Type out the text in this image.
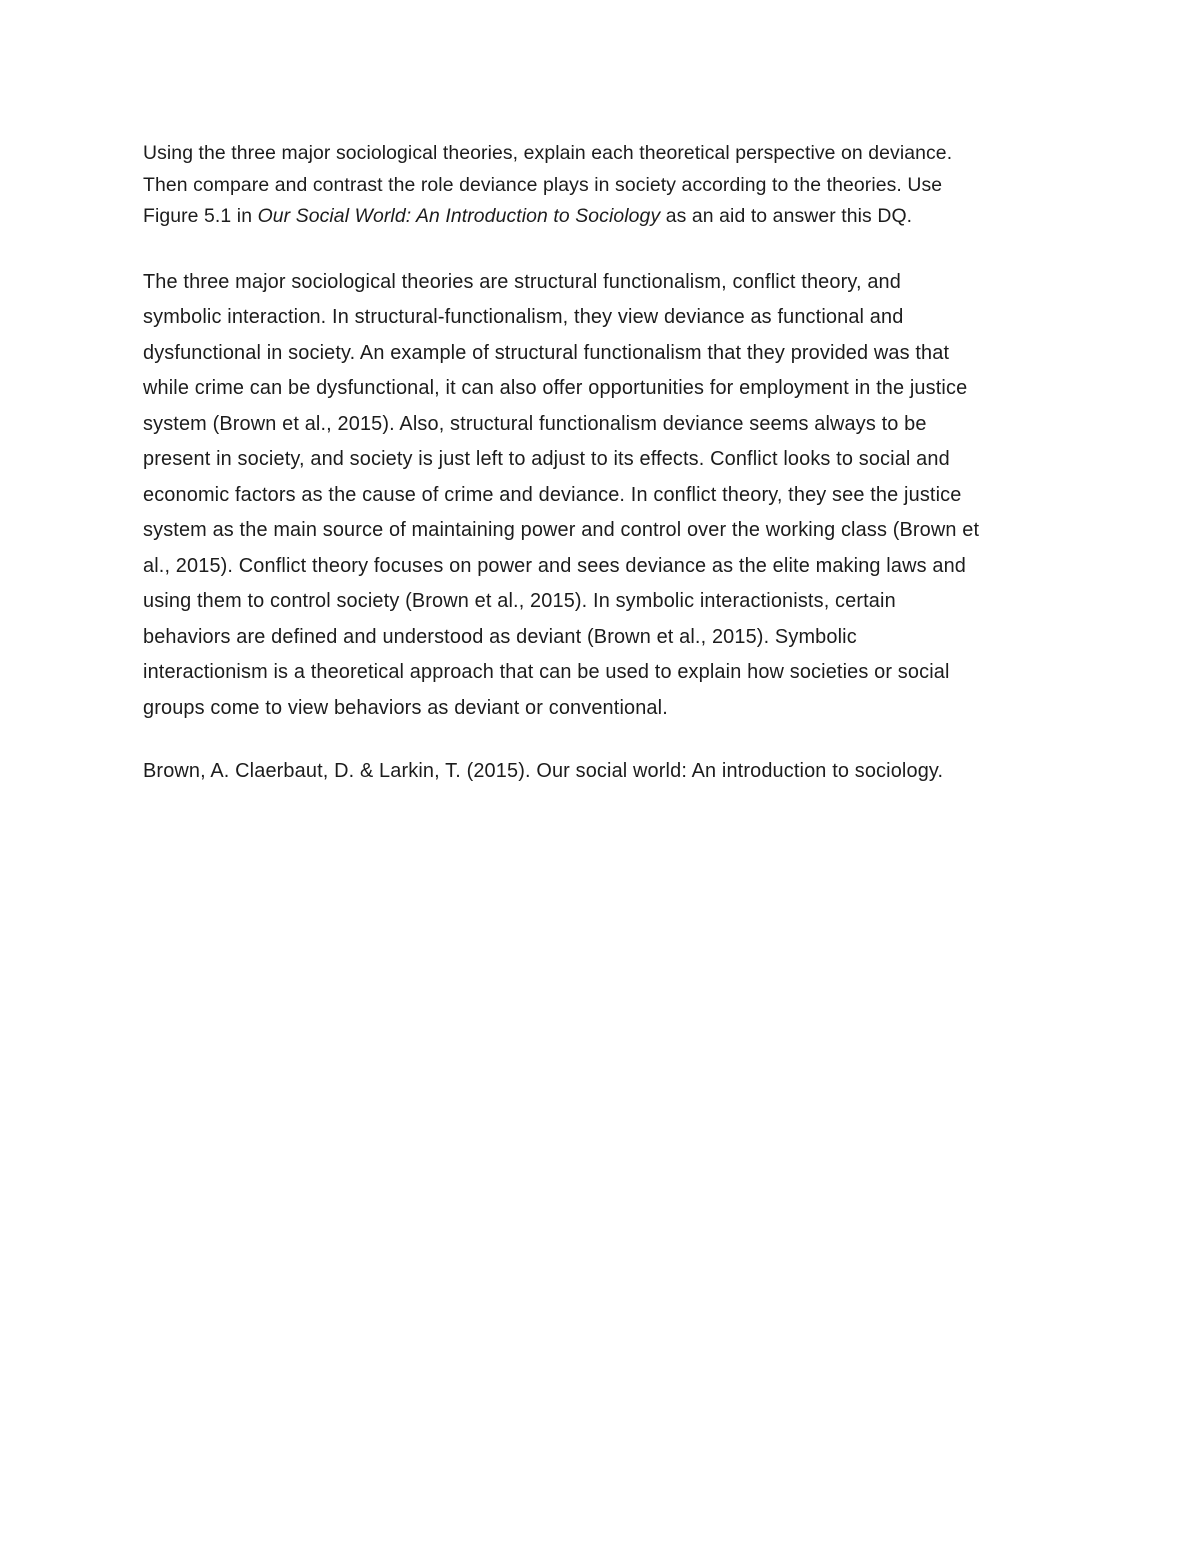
Using the three major sociological theories, explain each theoretical perspective on deviance.
Then compare and contrast the role deviance plays in society according to the theories. Use
Figure 5.1 in Our Social World: An Introduction to Sociology as an aid to answer this DQ.
The three major sociological theories are structural functionalism, conflict theory, and
symbolic interaction. In structural-functionalism, they view deviance as functional and
dysfunctional in society. An example of structural functionalism that they provided was that
while crime can be dysfunctional, it can also offer opportunities for employment in the justice
system (Brown et al., 2015). Also, structural functionalism deviance seems always to be
present in society, and society is just left to adjust to its effects. Conflict looks to social and
economic factors as the cause of crime and deviance. In conflict theory, they see the justice
system as the main source of maintaining power and control over the working class (Brown et
al., 2015). Conflict theory focuses on power and sees deviance as the elite making laws and
using them to control society (Brown et al., 2015). In symbolic interactionists, certain
behaviors are defined and understood as deviant (Brown et al., 2015). Symbolic
interactionism is a theoretical approach that can be used to explain how societies or social
groups come to view behaviors as deviant or conventional.
Brown, A. Claerbaut, D. & Larkin, T. (2015). Our social world: An introduction to sociology.
